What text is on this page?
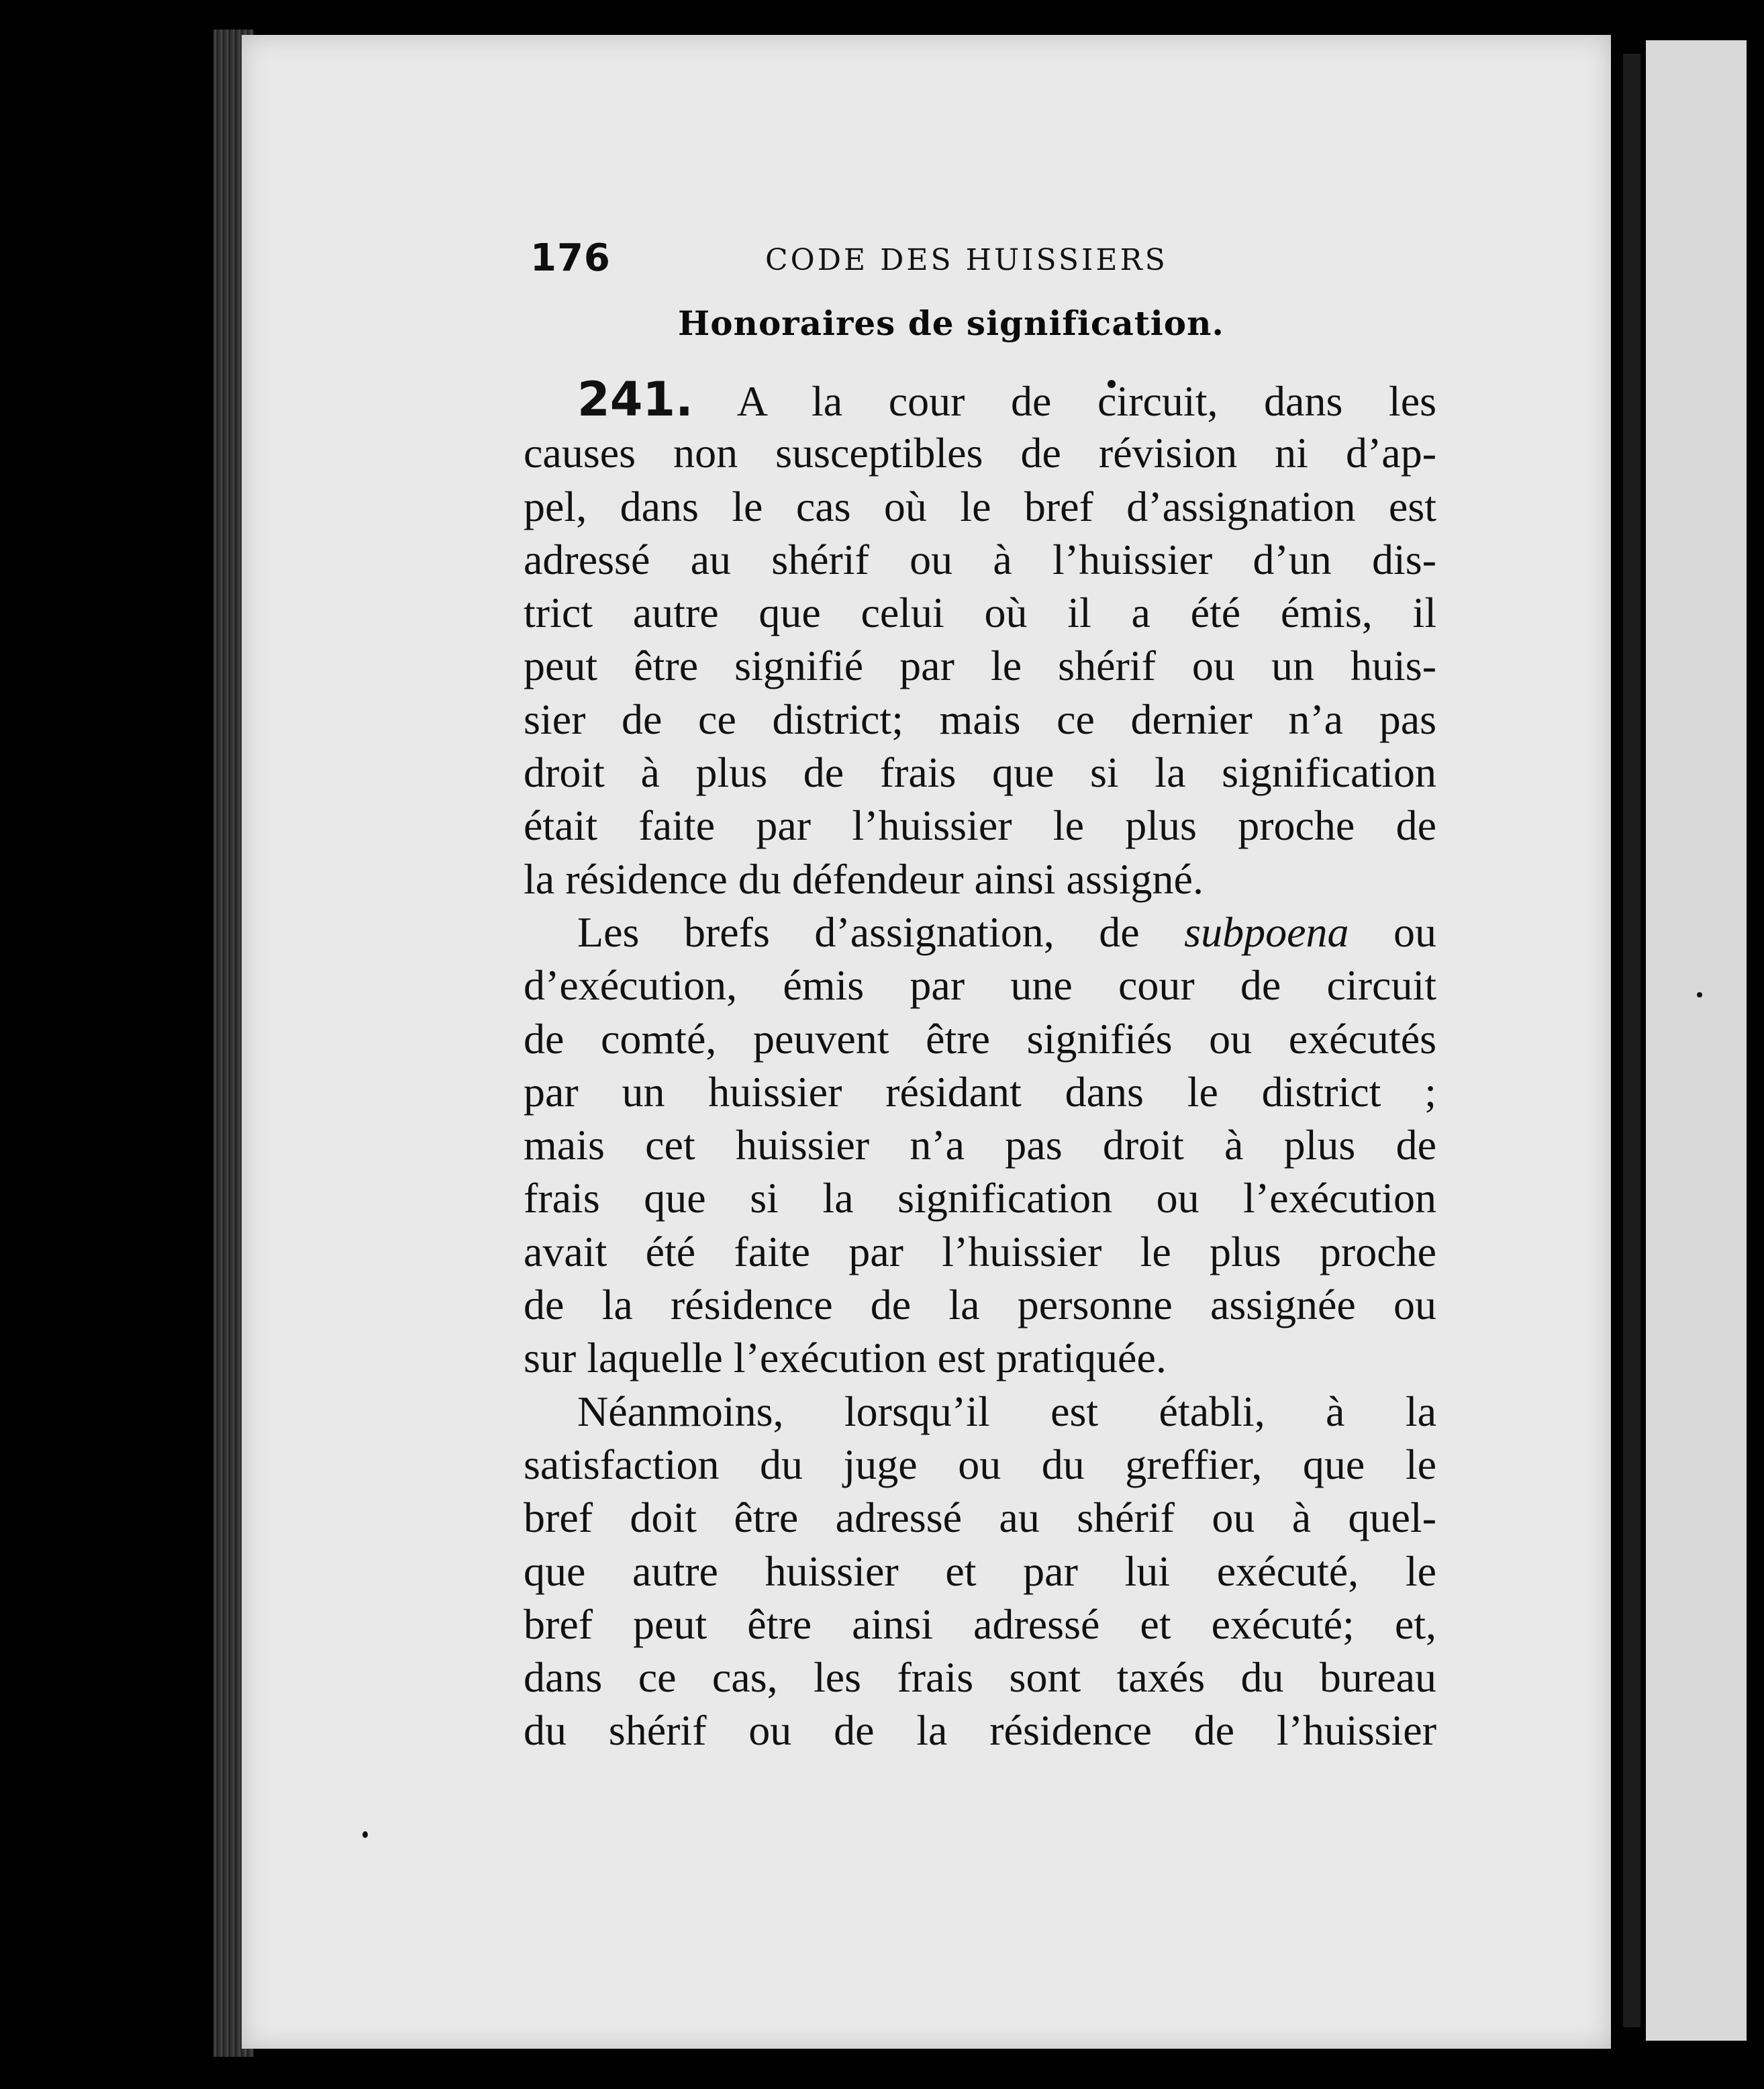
176	CODE DES HUISSIERS
Honoraires de signification.
241. A la cour de circuit, dans les
causes non susceptibles de révision ni d’ap-
pel, dans le cas où le bref d’assignation est
adressé au shérif ou à l’huissier d’un dis-
trict autre que celui où il a été émis, il
peut être signifié par le shérif ou un huis-
sier de ce district; mais ce dernier n’a pas
droit à plus de frais que si la signification
était faite par l’huissier le plus proche de
la résidence du défendeur ainsi assigné.
Les brefs d’assignation, de subpoena ou
d’exécution, émis par une cour de circuit
de comté, peuvent être signifiés ou exécutés
par un huissier résidant dans le district ;
mais cet huissier n’a pas droit à plus de
frais que si la signification ou l’exécution
avait été faite par l’huissier le plus proche
de la résidence de la personne assignée ou
sur laquelle l’exécution est pratiquée.
Néanmoins, lorsqu’il est établi, à la
satisfaction du juge ou du greffier, que le
bref doit être adressé au shérif ou à quel-
que autre huissier et par lui exécuté, le
bref peut être ainsi adressé et exécuté; et,
dans ce cas, les frais sont taxés du bureau
du shérif ou de la résidence de l’huissier
